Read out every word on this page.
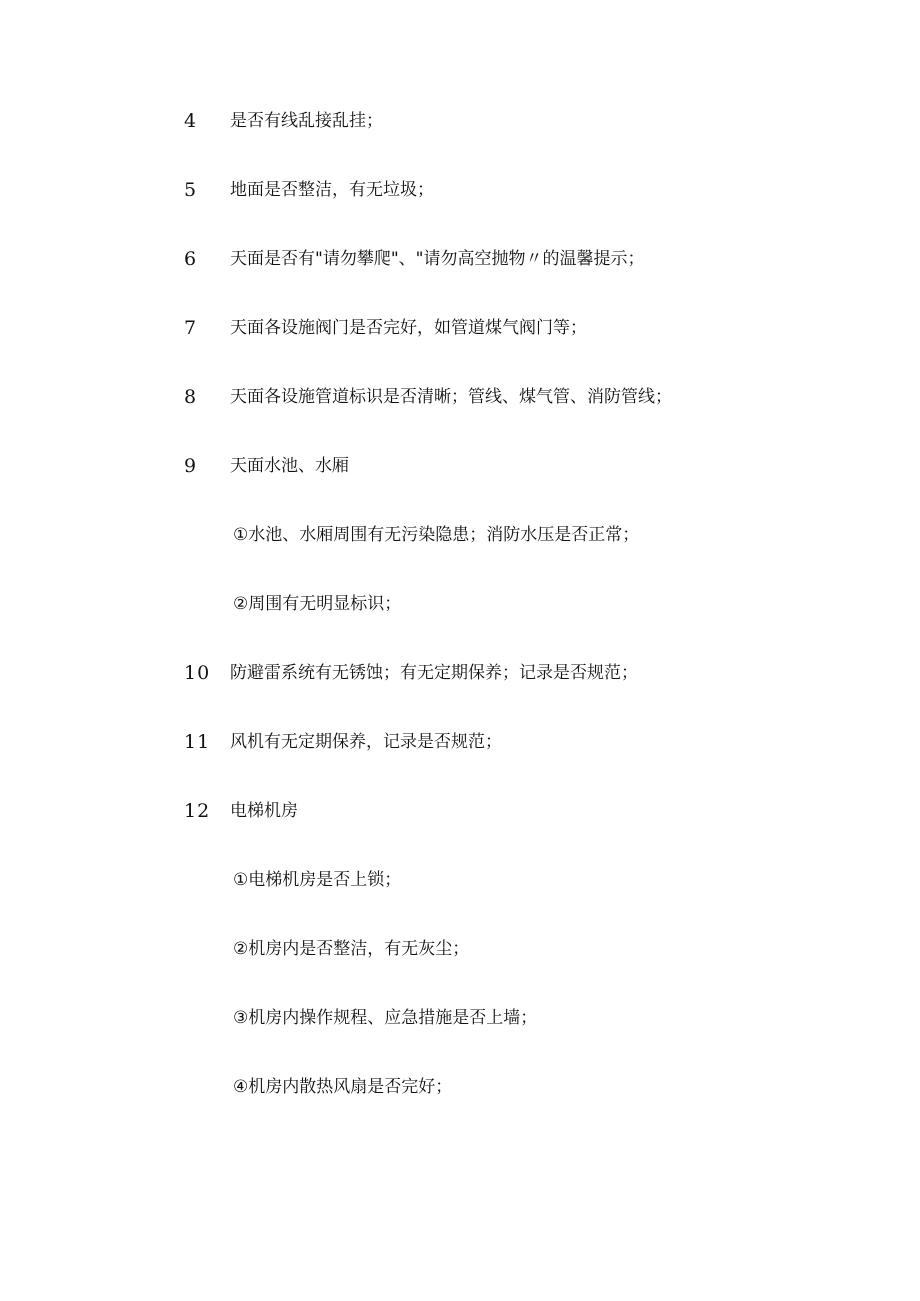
4 是否有线乱接乱挂；
5 地面是否整洁，有无垃圾；
6 天面是否有"请勿攀爬"、"请勿高空抛物〃的温馨提示；
7 天面各设施阀门是否完好，如管道煤气阀门等；
8 天面各设施管道标识是否清晰；管线、煤气管、消防管线；
9 天面水池、水厢
①水池、水厢周围有无污染隐患；消防水压是否正常；
②周围有无明显标识；
10 防避雷系统有无锈蚀；有无定期保养；记录是否规范；
11 风机有无定期保养，记录是否规范；
12 电梯机房
①电梯机房是否上锁；
②机房内是否整洁，有无灰尘；
③机房内操作规程、应急措施是否上墙；
④机房内散热风扇是否完好；
